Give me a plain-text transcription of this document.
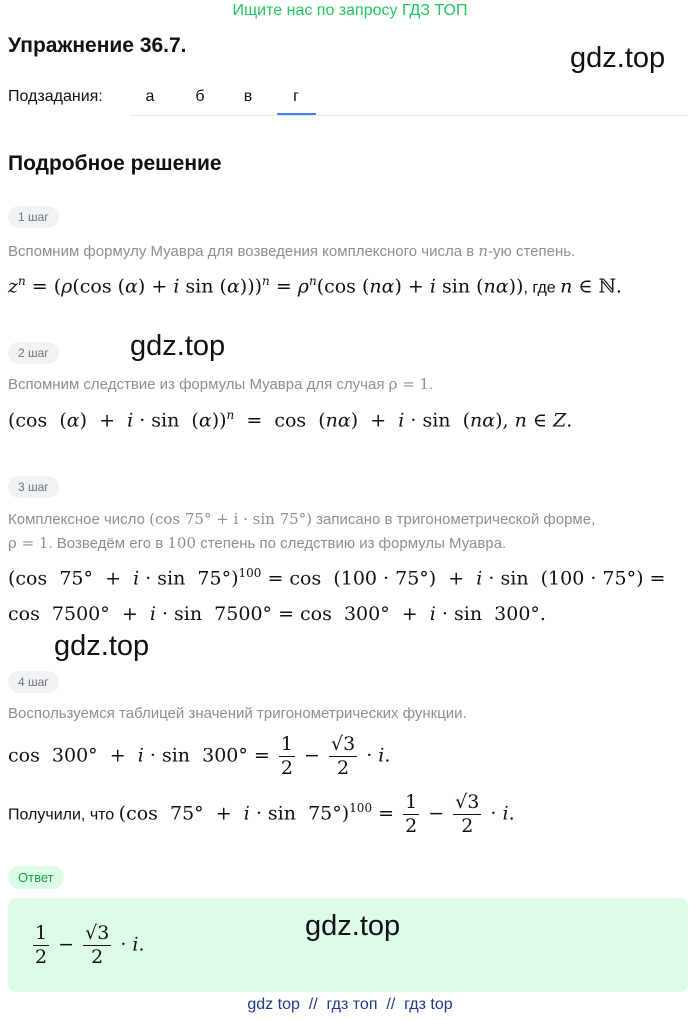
Ищите нас по запросу ГДЗ ТОП
Упражнение 36.7.	gdz.top
Подзадания:	а	б	в	г
Подробное решение
1 шаг
Вспомним формулу Муавра для возведения комплексного числа в n-ую степень.
$z^n = (\rho(\cos$ (α) + i $\sin (\alpha)))^n = \rho^n(\cos$ (nα) + i sin (nα)), где n ∈ ℕ.
2 шаг	gdz.top
Вспомним следствие из формулы Муавра для случая ρ = 1.
(cos  (α)  +  i · sin  (α))$^n$  =  cos  (nα)  +  i · sin  (nα), n ∈ Z.
3 шаг
Комплексное число (cos 75° + i · sin 75°) записано в тригонометрической форме,
ρ = 1. Возведём его в 100 степень по следствию из формулы Муавра.
(cos  75°  +  i · sin  75°)$^{100}$ = cos  (100 · 75°)  +  i · sin  (100 · 75°) =
cos  7500°  +  i · sin  7500° = cos  300°  +  i · sin  300°.
gdz.top
4 шаг
Воспользуемся таблицей значений тригонометрических функции.
$\cos 300^\circ + i \cdot \sin 300^\circ = \frac{1}{2} - \frac{√3}{2} \cdot i$.
Получили, что (cos  $75^\circ + i \cdot \sin 75^\circ)^{100} = \frac{1}{2} - \frac{√3}{2} \cdot i$.
Ответ
$\frac{1}{2} - \frac{√3}{2} \cdot i$.
gdz.top
gdz top  //  гдз топ  //  гдз top
